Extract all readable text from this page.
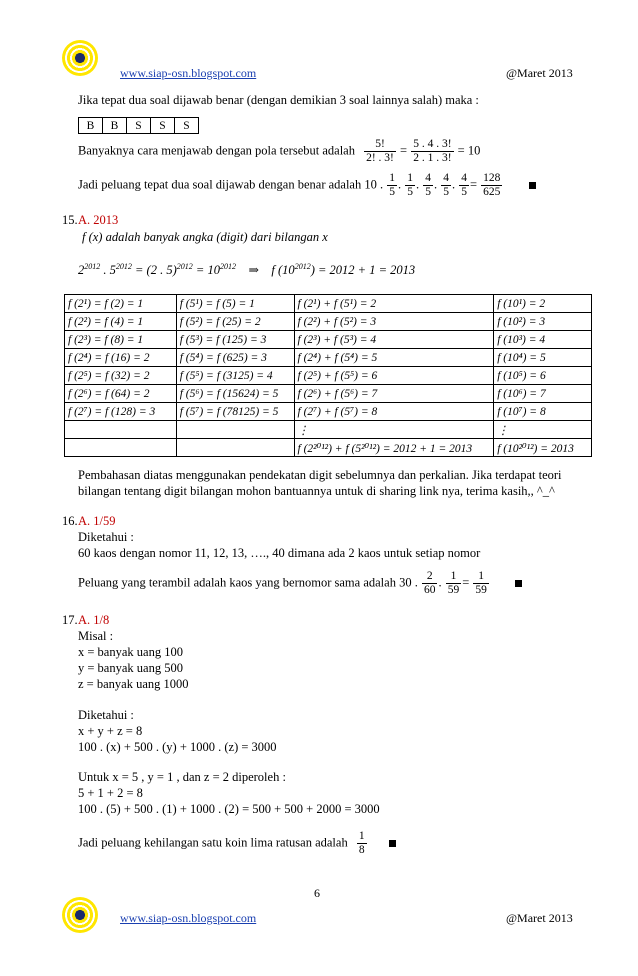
www.siap-osn.blogspot.com	@Maret 2013
Jika tepat dua soal dijawab benar (dengan demikian 3 soal lainnya salah) maka :
B	B	S	S	S
Banyaknya cara menjawab dengan pola tersebut adalah $\frac{5!}{2! . 3!} = \frac{5 . 4 . 3!}{2 . 1 . 3!} = 10$
Jadi peluang tepat dua soal dijawab dengan benar adalah 10 . $\frac{1}{5}$ . $\frac{1}{5}$ . $\frac{4}{5}$ . $\frac{4}{5}$ . $\frac{4}{5} = \frac{128}{625}$

15. A. 2013
f (x) adalah banyak angka (digit) dari bilangan x
$2^{2012}$ . $5^{2012} = (2$ . $5)^{2012} = 10^{2012}$    ⇒    f $(10^{2012}) = 2012 + 1 = 2013$
f (2¹) = f (2) = 1	f (5¹) = f (5) = 1	f (2¹) + f (5¹) = 2	f (10¹) = 2
f (2²) = f (4) = 1	f (5²) = f (25) = 2	f (2²) + f (5²) = 3	f (10²) = 3
f (2³) = f (8) = 1	f (5³) = f (125) = 3	f (2³) + f (5³) = 4	f (10³) = 4
f (2⁴) = f (16) = 2	f (5⁴) = f (625) = 3	f (2⁴) + f (5⁴) = 5	f (10⁴) = 5
f (2⁵) = f (32) = 2	f (5⁵) = f (3125) = 4	f (2⁵) + f (5⁵) = 6	f (10⁵) = 6
f (2⁶) = f (64) = 2	f (5⁶) = f (15624) = 5	f (2⁶) + f (5⁶) = 7	f (10⁶) = 7
f (2⁷) = f (128) = 3	f (5⁷) = f (78125) = 5	f (2⁷) + f (5⁷) = 8	f (10⁷) = 8
		⋮	⋮
		f (2²⁰¹²) + f (5²⁰¹²) = 2012 + 1 = 2013	f (10²⁰¹²) = 2013
Pembahasan diatas menggunakan pendekatan digit sebelumnya dan perkalian. Jika terdapat teori
bilangan tentang digit bilangan mohon bantuannya untuk di sharing link nya, terima kasih,, ^_^
16. A. 1/59
Diketahui :
60 kaos dengan nomor 11, 12, 13, …., 40 dimana ada 2 kaos untuk setiap nomor
Peluang yang terambil adalah kaos yang bernomor sama adalah 30 . $\frac{2}{60}$ . $\frac{1}{59} = \frac{1}{59}$

17. A. 1/8
Misal :
x = banyak uang 100
y = banyak uang 500
z = banyak uang 1000
Diketahui :
x + y + z = 8
100 . (x) + 500 . (y) + 1000 . (z) = 3000
Untuk x = 5 , y = 1 , dan z = 2 diperoleh :
5 + 1 + 2 = 8
100 . (5) + 500 . (1) + 1000 . (2) = 500 + 500 + 2000 = 3000
Jadi peluang kehilangan satu koin lima ratusan adalah $\frac{1}{8}$

6
www.siap-osn.blogspot.com	@Maret 2013
